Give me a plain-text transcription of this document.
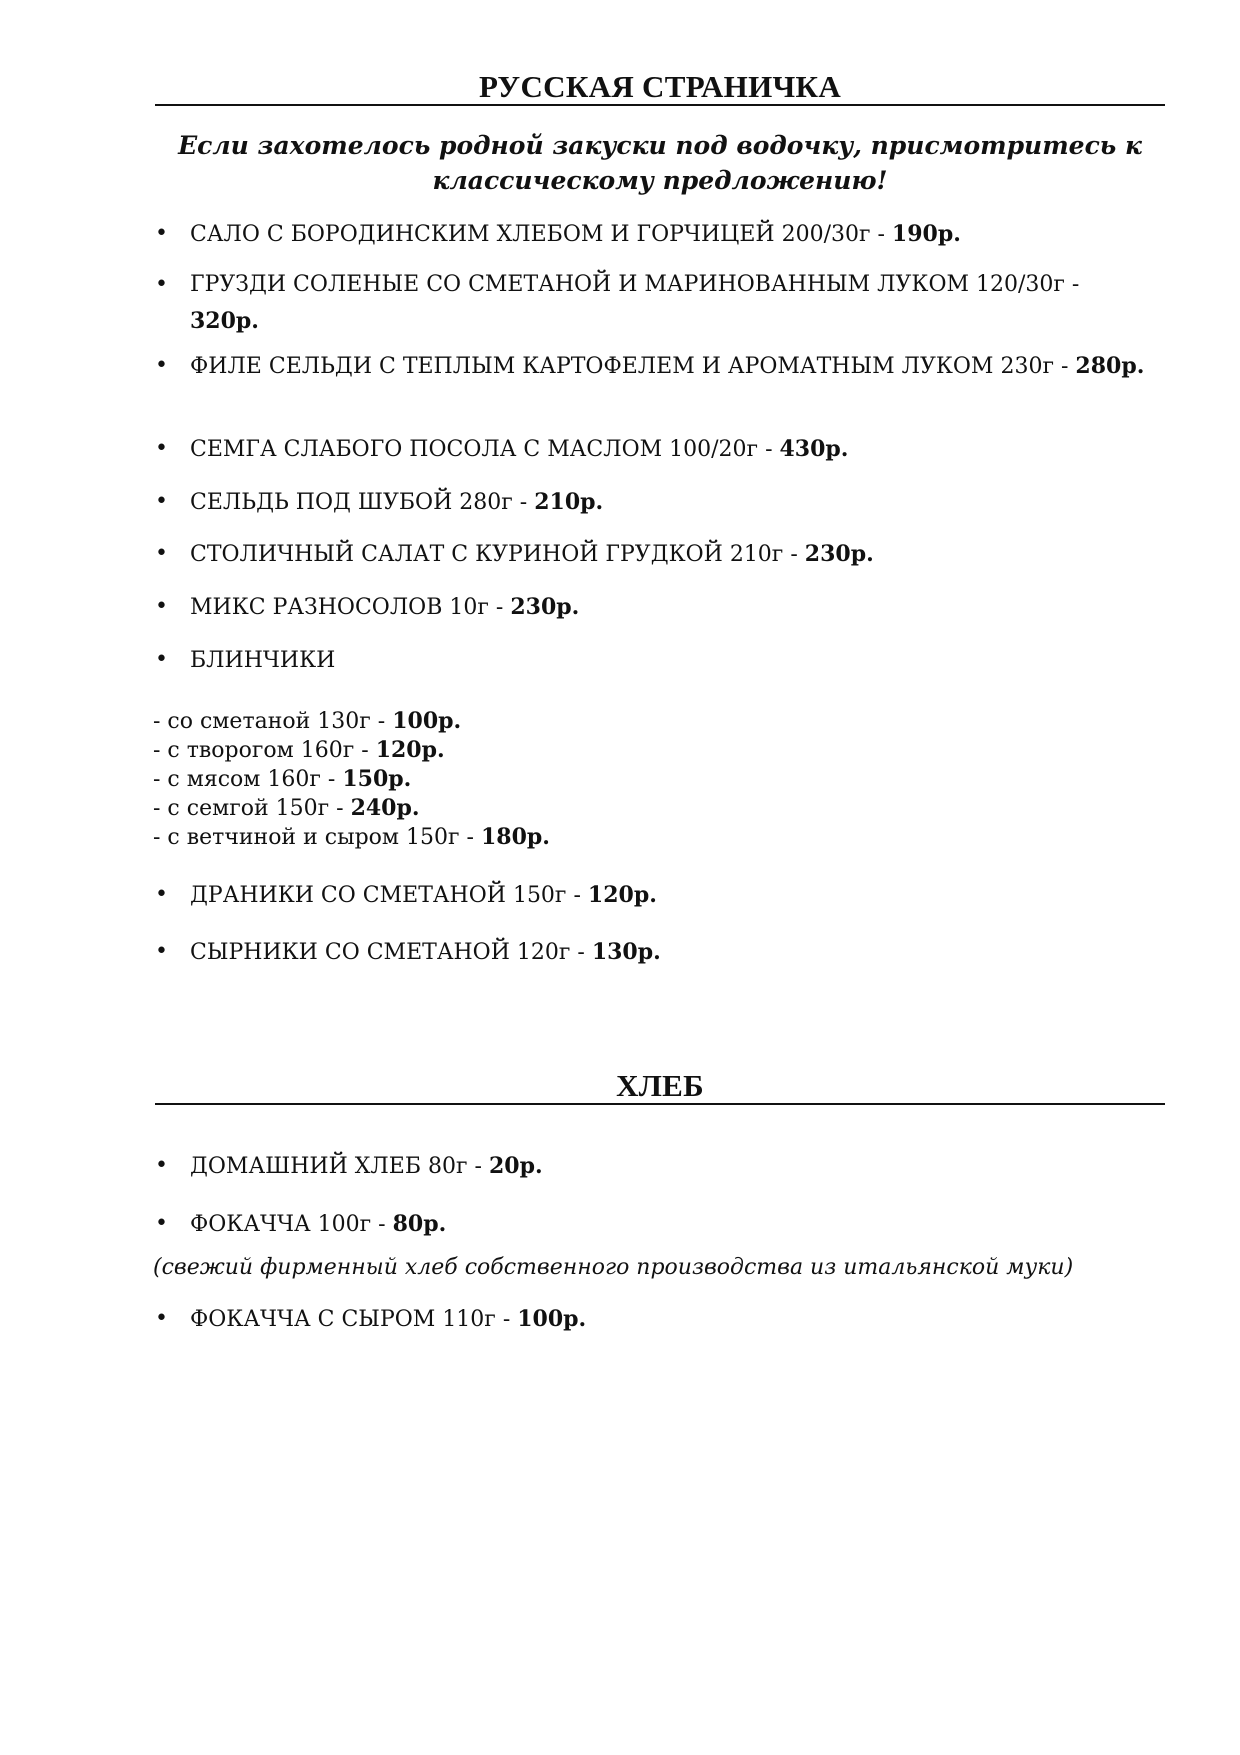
РУССКАЯ СТРАНИЧКА
Если захотелось родной закуски под водочку, присмотритесь к классическому предложению!
•	САЛО С БОРОДИНСКИМ ХЛЕБОМ И ГОРЧИЦЕЙ 200/30г - 190р.
•	ГРУЗДИ СОЛЕНЫЕ СО СМЕТАНОЙ И МАРИНОВАННЫМ ЛУКОМ 120/30г - 320р.
•	ФИЛЕ СЕЛЬДИ С ТЕПЛЫМ КАРТОФЕЛЕМ И АРОМАТНЫМ ЛУКОМ 230г - 280р.
•	СЕМГА СЛАБОГО ПОСОЛА С МАСЛОМ 100/20г - 430р.
•	СЕЛЬДЬ ПОД ШУБОЙ 280г - 210р.
•	СТОЛИЧНЫЙ САЛАТ С КУРИНОЙ ГРУДКОЙ 210г - 230р.
•	МИКС РАЗНОСОЛОВ 10г - 230р.
•	БЛИНЧИКИ
- со сметаной 130г - 100р.
- с творогом 160г - 120р.
- с мясом 160г - 150р.
- с семгой 150г - 240р.
- с ветчиной и сыром 150г - 180р.
•	ДРАНИКИ СО СМЕТАНОЙ 150г - 120р.
•	СЫРНИКИ СО СМЕТАНОЙ 120г - 130р.
ХЛЕБ
•	ДОМАШНИЙ ХЛЕБ 80г - 20р.
•	ФОКАЧЧА 100г - 80р.
(свежий фирменный хлеб собственного производства из итальянской муки)
•	ФОКАЧЧА С СЫРОМ 110г - 100р.
